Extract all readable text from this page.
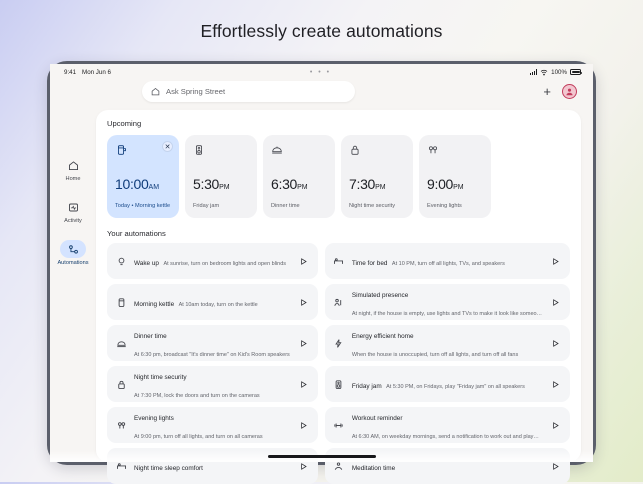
Effortlessly create automations
9:41 Mon Jun 6	• • •	100%
Ask Spring Street	+
Home
Activity
Automations
Upcoming
✕
10:00AM
Today • Morning kettle
5:30PM
Friday jam
6:30PM
Dinner time
7:30PM
Night time security
9:00PM
Evening lights
Your automations
Wake up At sunrise, turn on bedroom lights and open blinds
Morning kettle At 10am today, turn on the kettle
Dinner time At 6:30 pm, broadcast "It's dinner time" on Kid's Room speakers
Night time security At 7:30 PM, lock the doors and turn on the cameras
Evening lights At 9:00 pm, turn off all lights, and turn on all cameras
Night time sleep comfort
Time for bed At 10 PM, turn off all lights, TVs, and speakers
Simulated presence At night, if the house is empty, use lights and TVs to make it look like someo…
Energy efficient home When the house is unoccupied, turn off all lights, and turn off all fans
Friday jam At 5:30 PM, on Fridays, play "Friday jam" on all speakers
Workout reminder At 6:30 AM, on weekday mornings, send a notification to work out and play…
Meditation time
